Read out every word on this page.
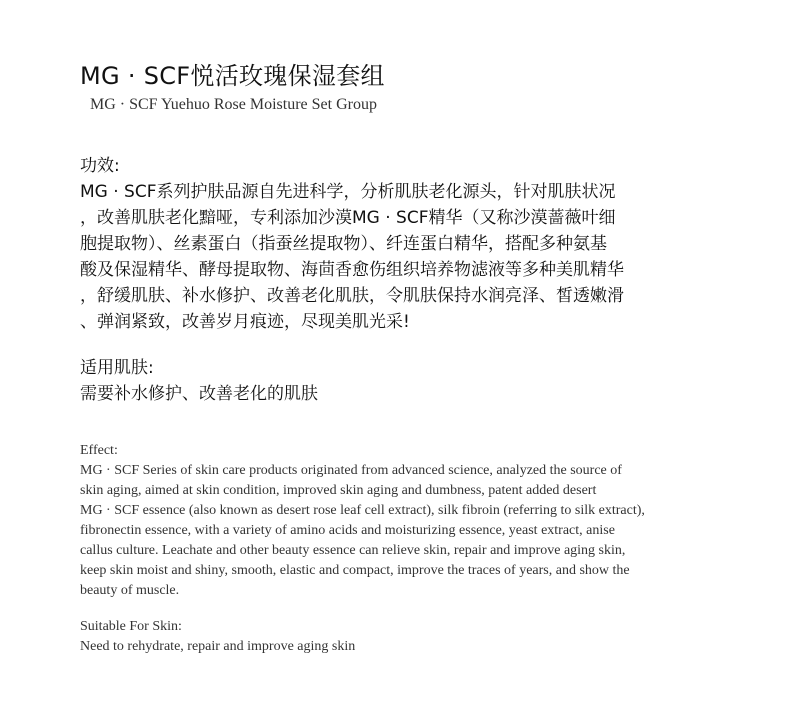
MG · SCF悦活玫瑰保湿套组
MG · SCF Yuehuo Rose Moisture Set Group
功效:
MG · SCF系列护肤品源自先进科学，分析肌肤老化源头，针对肌肤状况
，改善肌肤老化黯哑，专利添加沙漠MG · SCF精华（又称沙漠蔷薇叶细
胞提取物）、丝素蛋白（指蚕丝提取物）、纤连蛋白精华，搭配多种氨基
酸及保湿精华、酵母提取物、海茴香愈伤组织培养物滤液等多种美肌精华
，舒缓肌肤、补水修护、改善老化肌肤，令肌肤保持水润亮泽、皙透嫩滑
、弹润紧致，改善岁月痕迹，尽现美肌光采!
适用肌肤:
需要补水修护、改善老化的肌肤
Effect:
MG · SCF Series of skin care products originated from advanced science, analyzed the source of
skin aging, aimed at skin condition, improved skin aging and dumbness, patent added desert
MG · SCF essence (also known as desert rose leaf cell extract), silk fibroin (referring to silk extract),
fibronectin essence, with a variety of amino acids and moisturizing essence, yeast extract, anise
callus culture. Leachate and other beauty essence can relieve skin, repair and improve aging skin,
keep skin moist and shiny, smooth, elastic and compact, improve the traces of years, and show the
beauty of muscle.
Suitable For Skin:
Need to rehydrate, repair and improve aging skin
